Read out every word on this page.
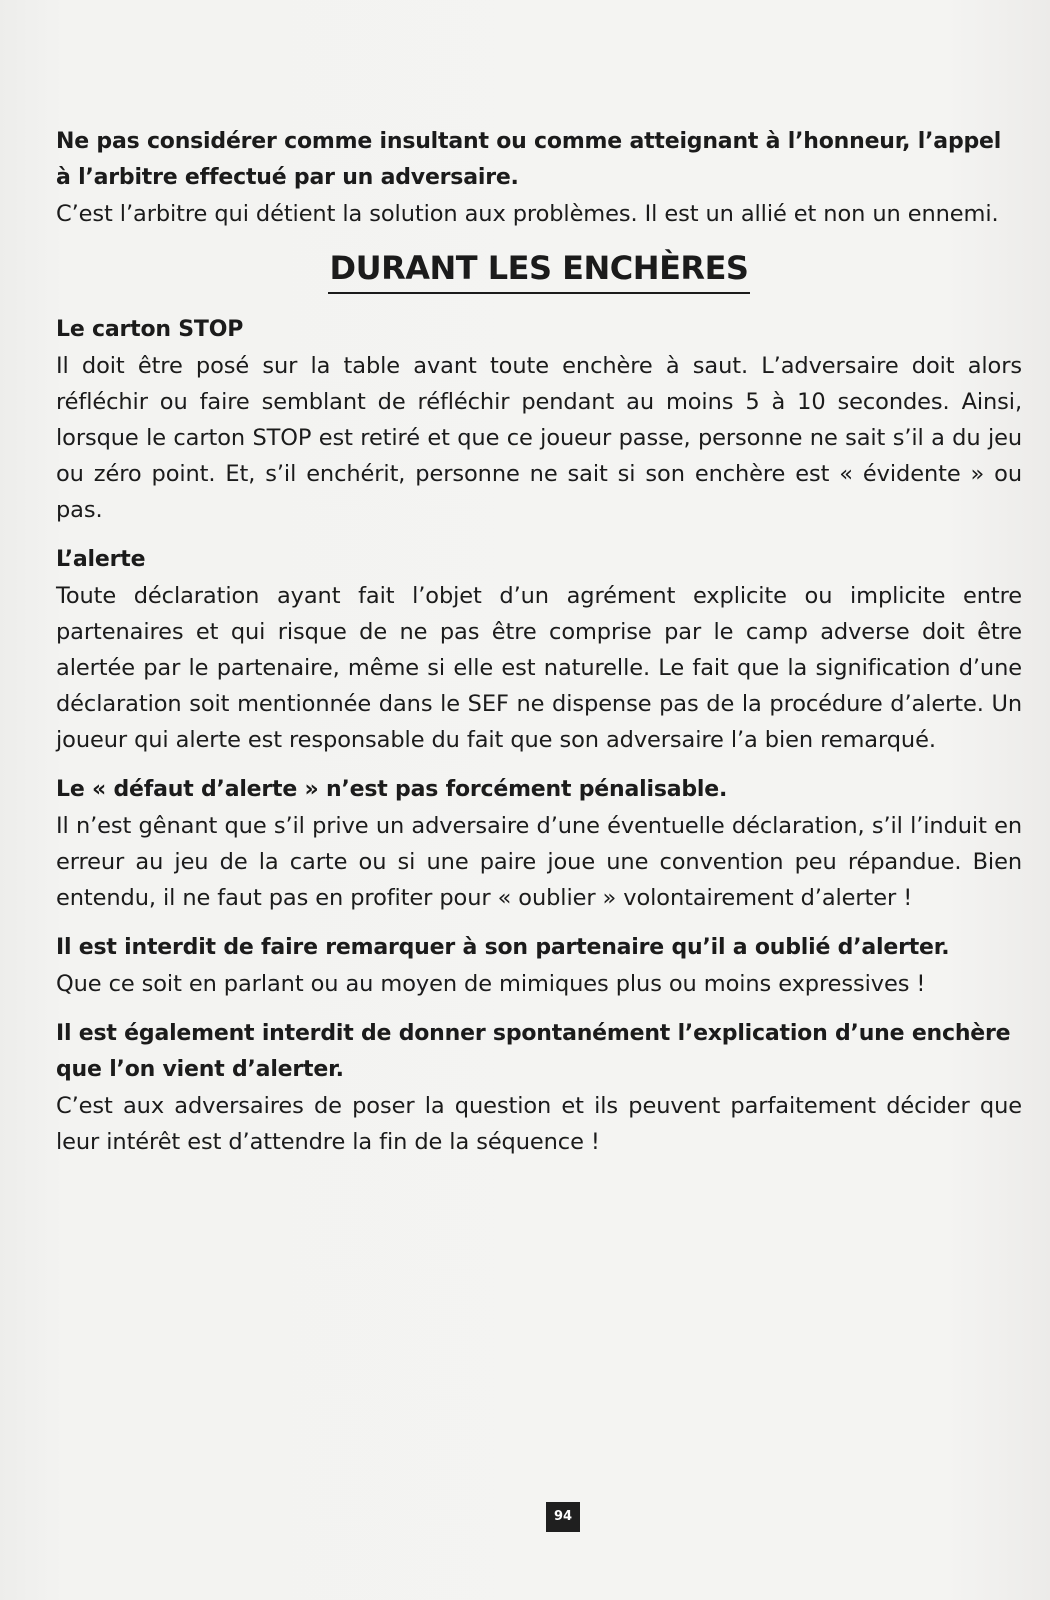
Ne pas considérer comme insultant ou comme atteignant à l’honneur, l’appel à l’arbitre effectué par un adversaire.

C’est l’arbitre qui détient la solution aux problèmes. Il est un allié et non un ennemi.

DURANT LES ENCHÈRES

Le carton STOP

Il doit être posé sur la table avant toute enchère à saut. L’adversaire doit alors réfléchir ou faire semblant de réfléchir pendant au moins 5 à 10 secondes. Ainsi, lorsque le carton STOP est retiré et que ce joueur passe, personne ne sait s’il a du jeu ou zéro point. Et, s’il enchérit, personne ne sait si son enchère est « évidente » ou pas.

L’alerte

Toute déclaration ayant fait l’objet d’un agrément explicite ou implicite entre partenaires et qui risque de ne pas être comprise par le camp adverse doit être alertée par le partenaire, même si elle est naturelle. Le fait que la signification d’une déclaration soit mentionnée dans le SEF ne dispense pas de la procédure d’alerte. Un joueur qui alerte est responsable du fait que son adversaire l’a bien remarqué.

Le « défaut d’alerte » n’est pas forcément pénalisable.

Il n’est gênant que s’il prive un adversaire d’une éventuelle déclaration, s’il l’induit en erreur au jeu de la carte ou si une paire joue une convention peu répandue. Bien entendu, il ne faut pas en profiter pour « oublier » volontairement d’alerter !

Il est interdit de faire remarquer à son partenaire qu’il a oublié d’alerter.

Que ce soit en parlant ou au moyen de mimiques plus ou moins expressives !

Il est également interdit de donner spontanément l’explication d’une enchère que l’on vient d’alerter.

C’est aux adversaires de poser la question et ils peuvent parfaitement décider que leur intérêt est d’attendre la fin de la séquence !

94
